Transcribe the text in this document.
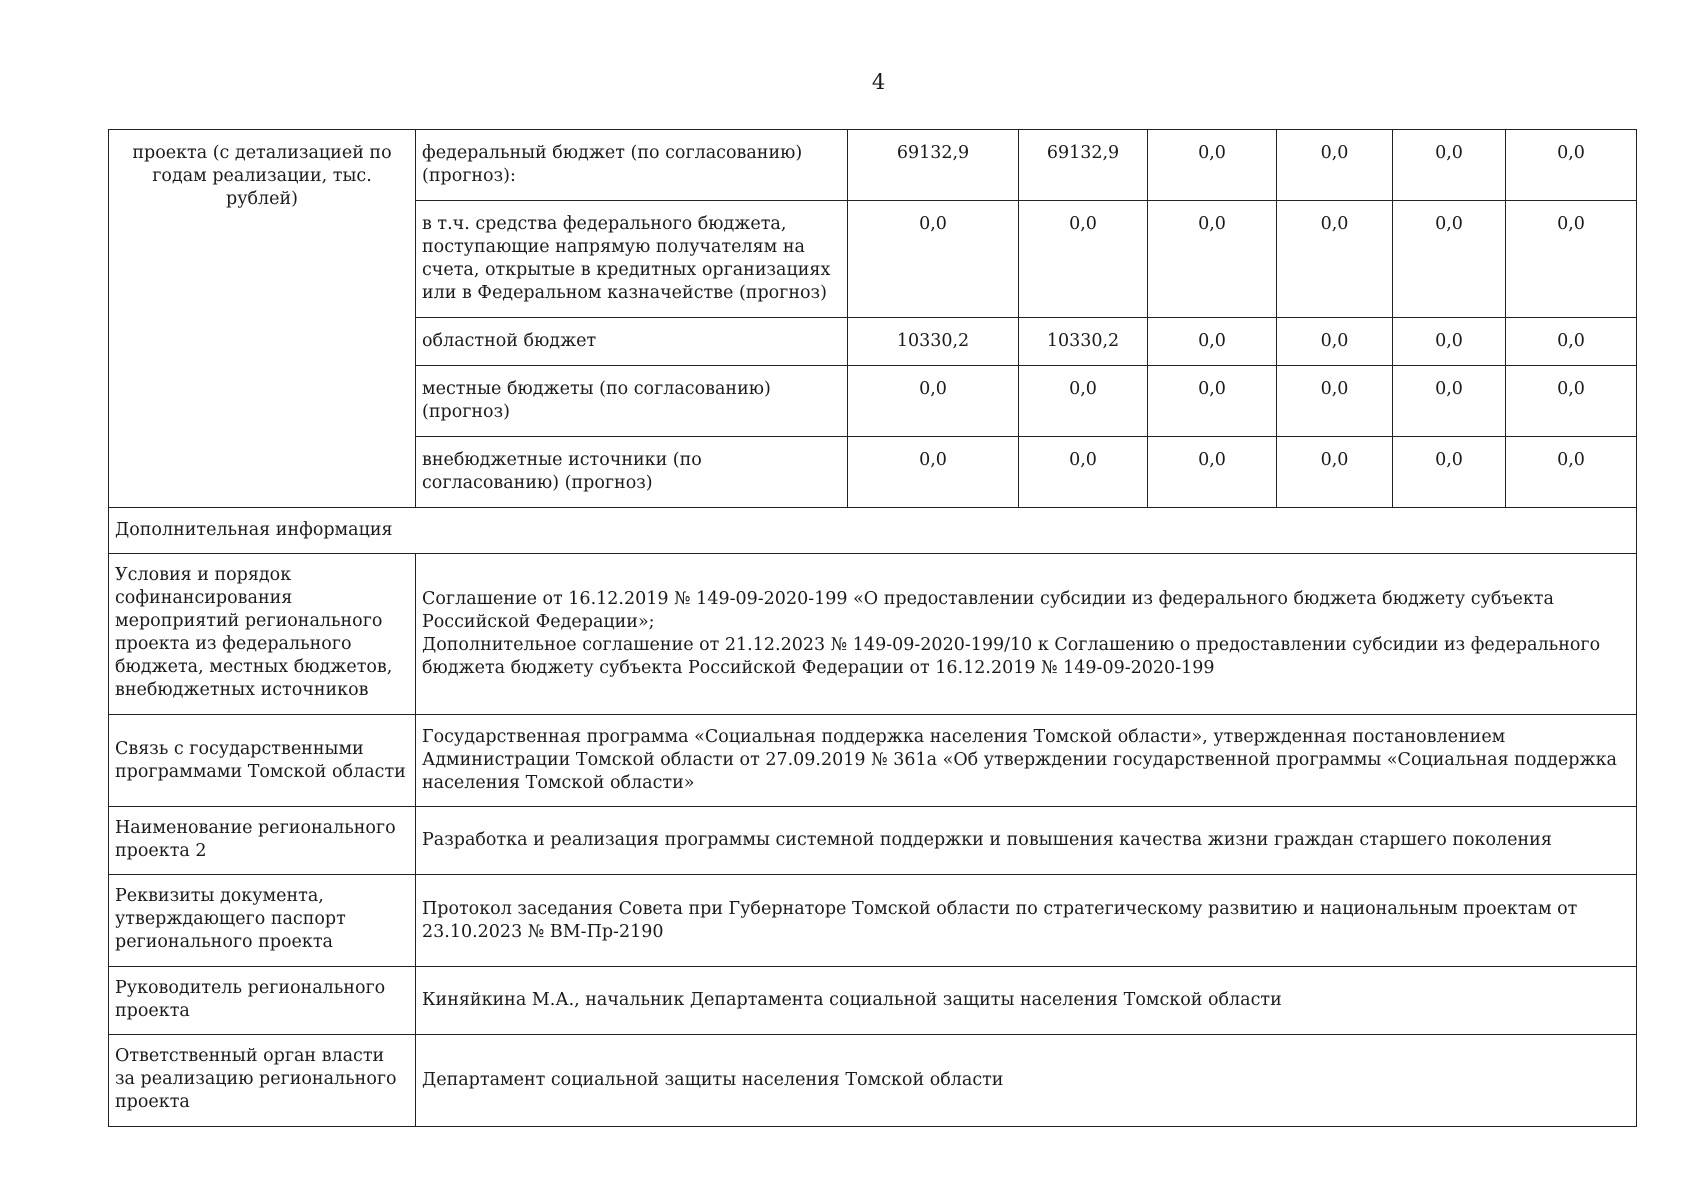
4
проекта (с детализацией по годам реализации, тыс. рублей)	федеральный бюджет (по согласованию) (прогноз):	69132,9	69132,9	0,0	0,0	0,0	0,0
	в т.ч. средства федерального бюджета, поступающие напрямую получателям на счета, открытые в кредитных организациях или в Федеральном казначействе (прогноз)	0,0	0,0	0,0	0,0	0,0	0,0
	областной бюджет	10330,2	10330,2	0,0	0,0	0,0	0,0
	местные бюджеты (по согласованию) (прогноз)	0,0	0,0	0,0	0,0	0,0	0,0
	внебюджетные источники (по согласованию) (прогноз)	0,0	0,0	0,0	0,0	0,0	0,0
Дополнительная информация							
Условия и порядок софинансирования мероприятий регионального проекта из федерального бюджета, местных бюджетов, внебюджетных источников	Соглашение от 16.12.2019 № 149-09-2020-199 «О предоставлении субсидии из федерального бюджета бюджету субъекта Российской Федерации»;
Дополнительное соглашение от 21.12.2023 № 149-09-2020-199/10 к Соглашению о предоставлении субсидии из федерального бюджета бюджету субъекта Российской Федерации от 16.12.2019 № 149-09-2020-199						
Связь с государственными программами Томской области	Государственная программа «Социальная поддержка населения Томской области», утвержденная постановлением Администрации Томской области от 27.09.2019 № 361а «Об утверждении государственной программы «Социальная поддержка населения Томской области»						
Наименование регионального проекта 2	Разработка и реализация программы системной поддержки и повышения качества жизни граждан старшего поколения						
Реквизиты документа, утверждающего паспорт регионального проекта	Протокол заседания Совета при Губернаторе Томской области по стратегическому развитию и национальным проектам от 23.10.2023 № ВМ-Пр-2190						
Руководитель регионального проекта	Киняйкина М.А., начальник Департамента социальной защиты населения Томской области						
Ответственный орган власти за реализацию регионального проекта	Департамент социальной защиты населения Томской области						
